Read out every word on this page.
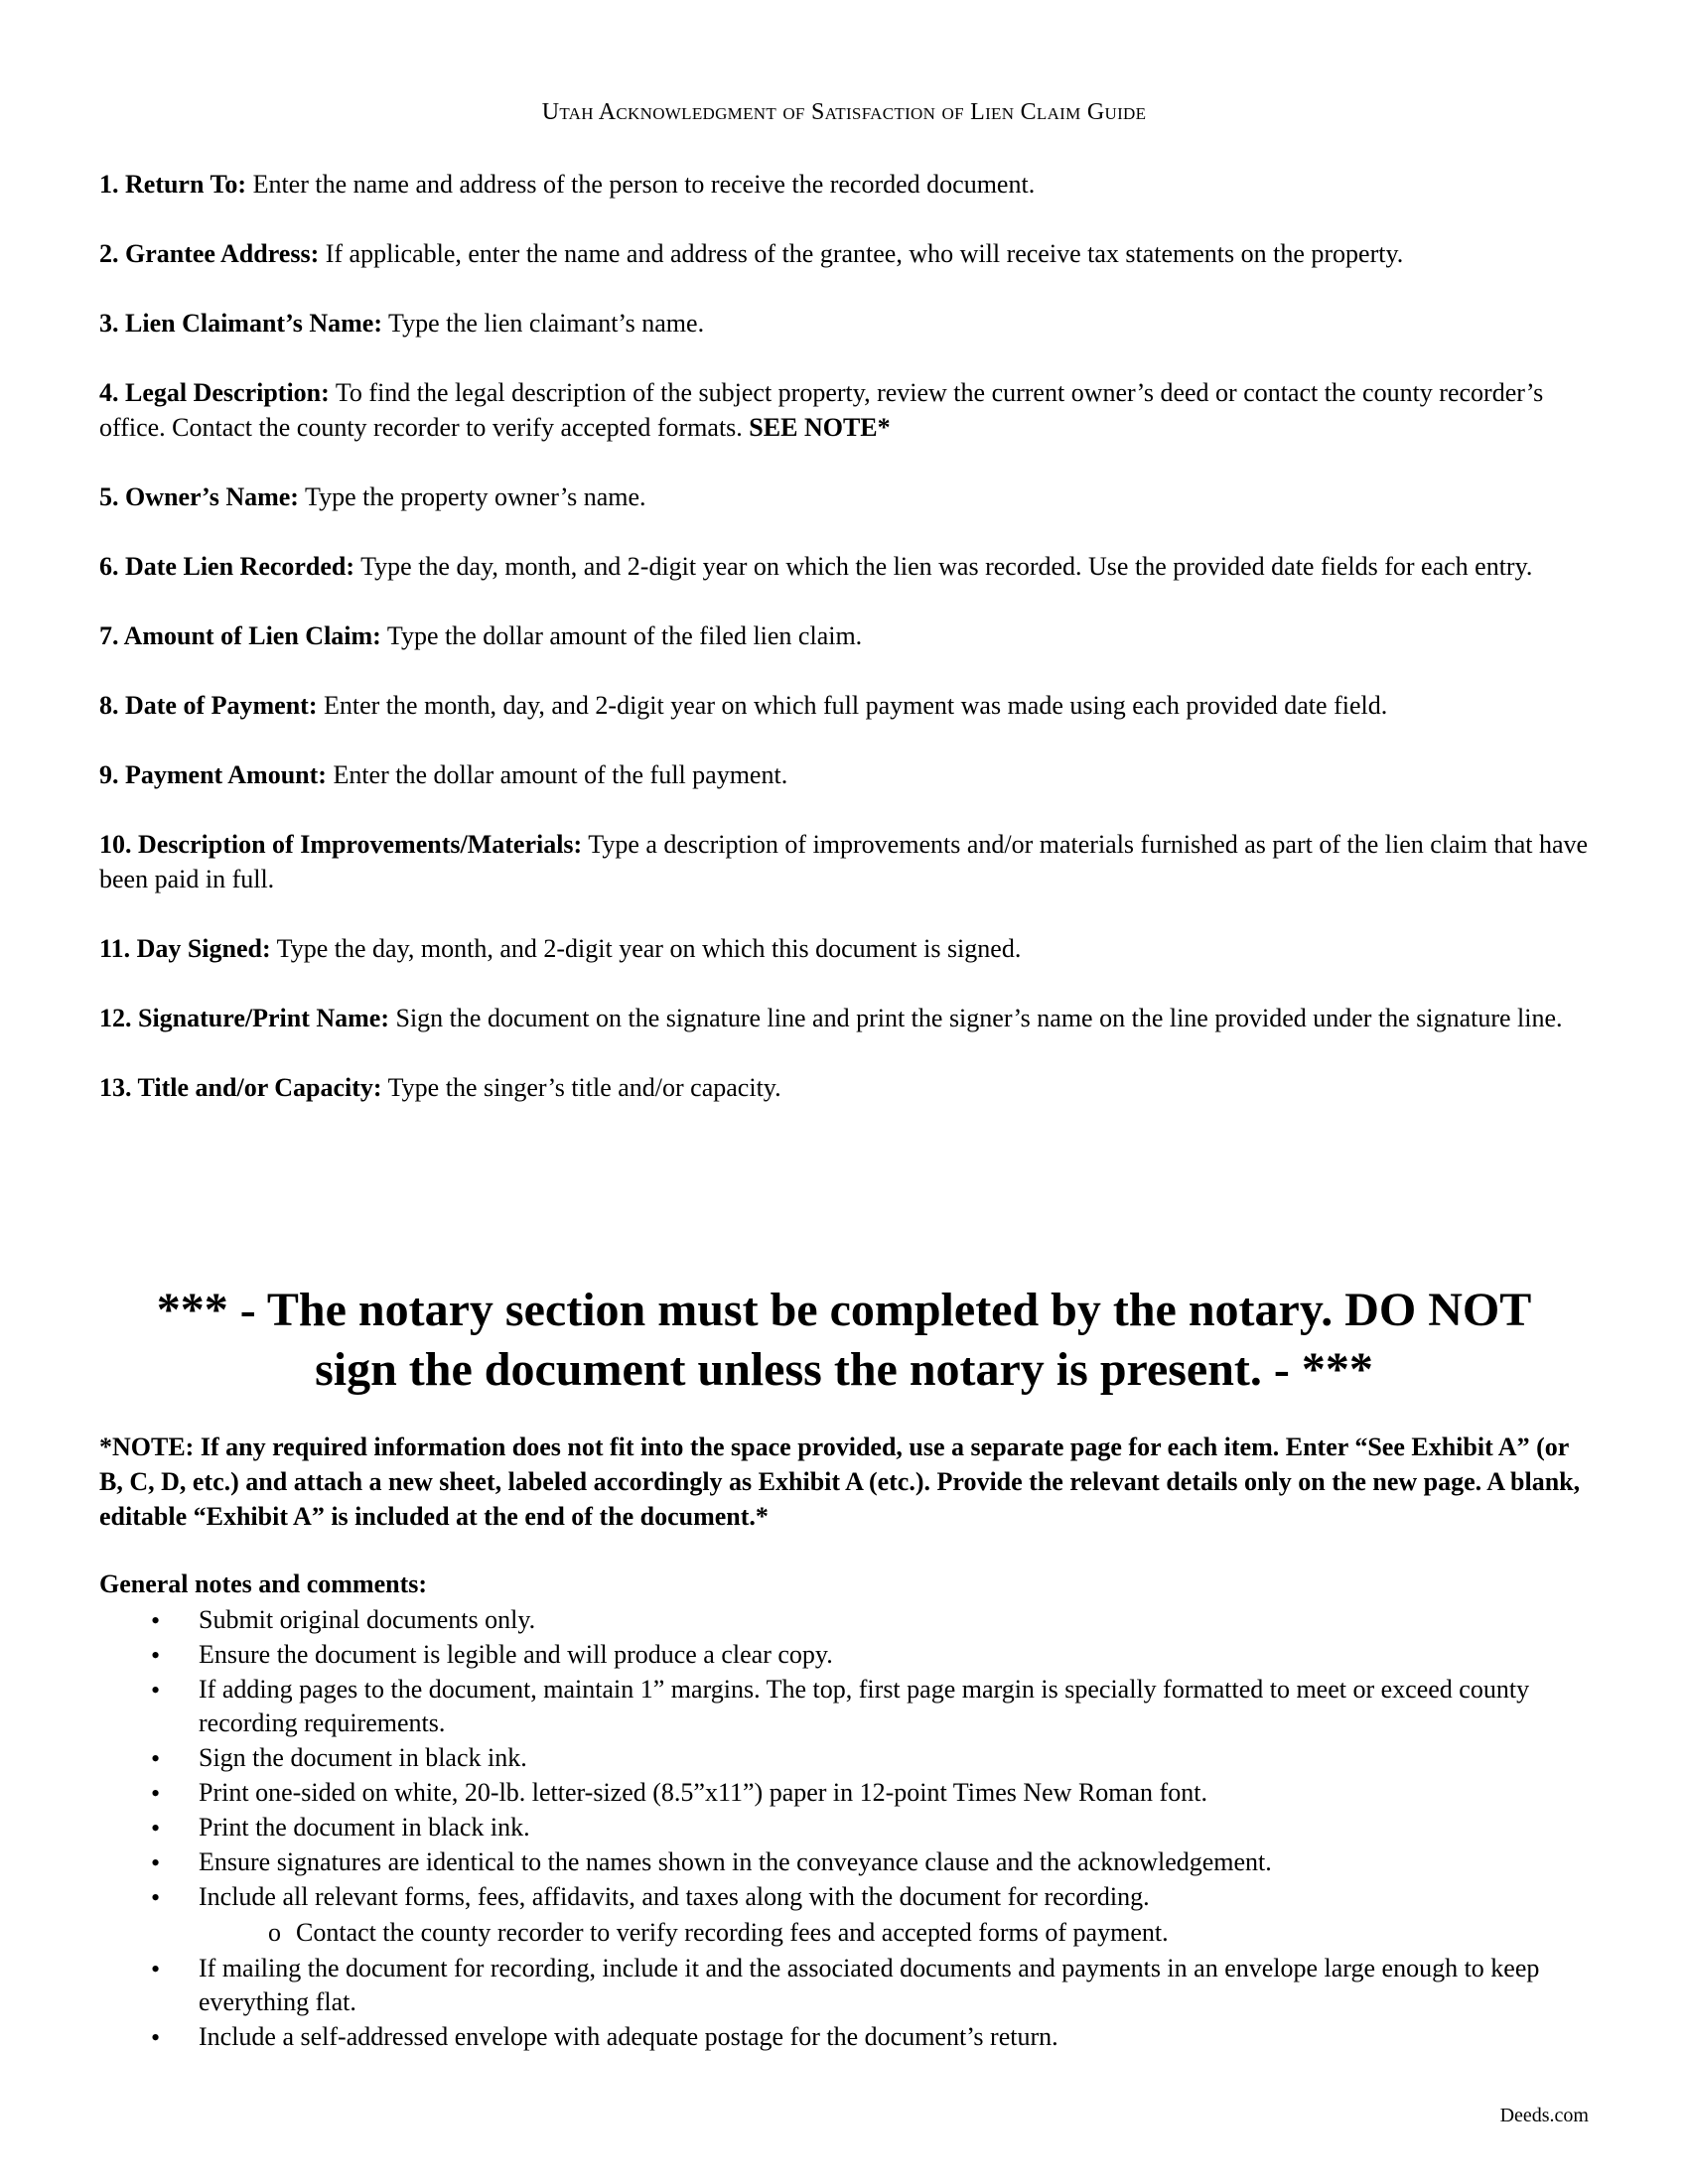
Utah Acknowledgment of Satisfaction of Lien Claim Guide
1. Return To: Enter the name and address of the person to receive the recorded document.
2. Grantee Address: If applicable, enter the name and address of the grantee, who will receive tax statements on the property.
3. Lien Claimant’s Name: Type the lien claimant’s name.
4. Legal Description: To find the legal description of the subject property, review the current owner’s deed or contact the county recorder’s office. Contact the county recorder to verify accepted formats. SEE NOTE*
5. Owner’s Name: Type the property owner’s name.
6. Date Lien Recorded: Type the day, month, and 2-digit year on which the lien was recorded. Use the provided date fields for each entry.
7. Amount of Lien Claim: Type the dollar amount of the filed lien claim.
8. Date of Payment: Enter the month, day, and 2-digit year on which full payment was made using each provided date field.
9. Payment Amount: Enter the dollar amount of the full payment.
10. Description of Improvements/Materials: Type a description of improvements and/or materials furnished as part of the lien claim that have been paid in full.
11. Day Signed: Type the day, month, and 2-digit year on which this document is signed.
12. Signature/Print Name: Sign the document on the signature line and print the signer’s name on the line provided under the signature line.
13. Title and/or Capacity: Type the singer’s title and/or capacity.
*** - The notary section must be completed by the notary. DO NOT
sign the document unless the notary is present. - ***

*NOTE: If any required information does not fit into the space provided, use a separate page for each item. Enter “See Exhibit A” (or B, C, D, etc.) and attach a new sheet, labeled accordingly as Exhibit A (etc.). Provide the relevant details only on the new page. A blank, editable “Exhibit A” is included at the end of the document.*

General notes and comments:

• Submit original documents only.
• Ensure the document is legible and will produce a clear copy.
• If adding pages to the document, maintain 1” margins. The top, first page margin is specially formatted to meet or exceed county recording requirements.
• Sign the document in black ink.
• Print one-sided on white, 20-lb. letter-sized (8.5”x11”) paper in 12-point Times New Roman font.
• Print the document in black ink.
• Ensure signatures are identical to the names shown in the conveyance clause and the acknowledgement.
• Include all relevant forms, fees, affidavits, and taxes along with the document for recording.
o Contact the county recorder to verify recording fees and accepted forms of payment.
• If mailing the document for recording, include it and the associated documents and payments in an envelope large enough to keep everything flat.
• Include a self-addressed envelope with adequate postage for the document’s return.

Deeds.com
